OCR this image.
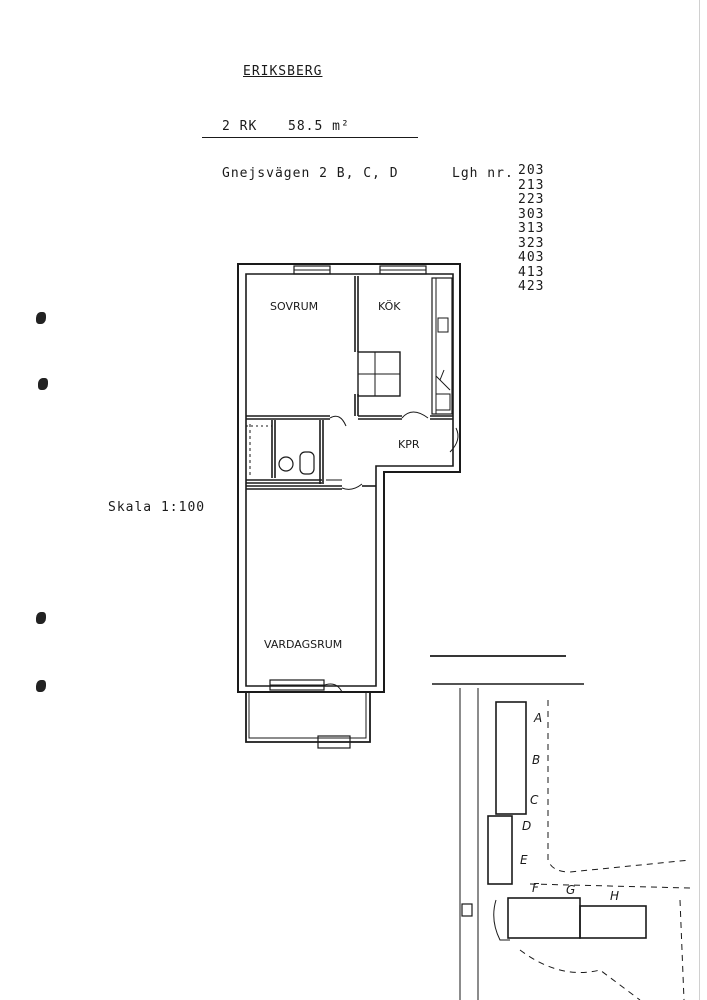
ERIKSBERG
2 RK 58.5 m²
Gnejsvägen 2 B, C, D	Lgh nr. 203
213
223
303
313
323
403
413
423
Skala 1:100
SOVRUM	KÖK
KPR
VARDAGSRUM
A
B
C
D
E
F G	H
